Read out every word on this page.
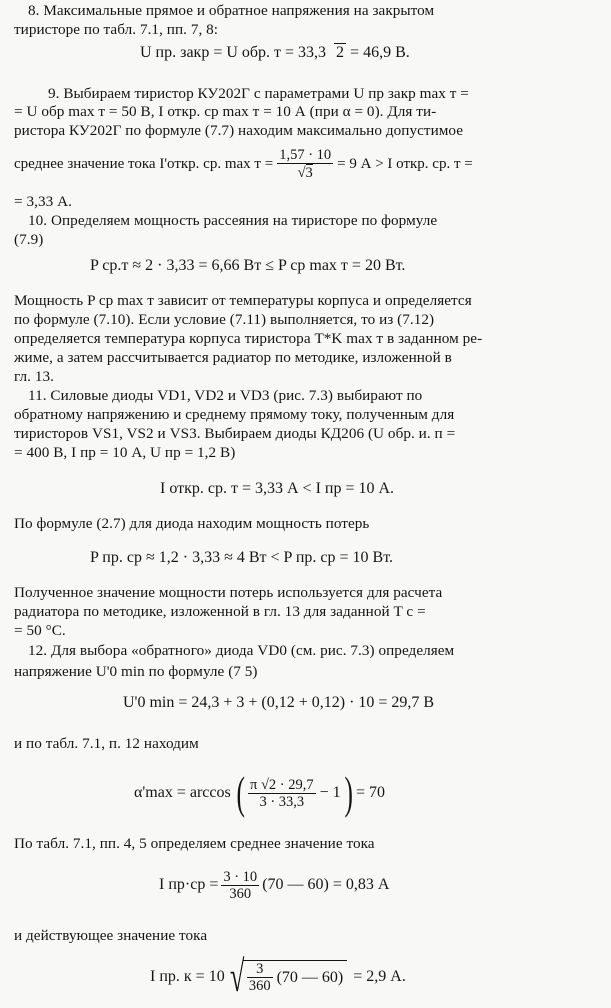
8. Максимальные прямое и обратное напряжения на закрытом
тиристоре по табл. 7.1, пп. 7, 8:
U пр. закр = U обр. т = 33,3 2 = 46,9 В.
9. Выбираем тиристор КУ202Г с параметрами U пр закр max т =
= U обр max т = 50 В, I откр. ср max т = 10 А (при α = 0). Для ти-
ристора КУ202Г по формуле (7.7) находим максимально допустимое
среднее значение тока I'откр. ср. $\max т = \frac{1,57 \cdot 10}{√3} = 9$ А > I откр. ср. т =
= 3,33 А.
10. Определяем мощность рассеяния на тиристоре по формуле
(7.9)
P ср.т ≈ 2 · 3,33 = 6,66 Вт ≤ P ср max т = 20 Вт.
Мощность P ср max т зависит от температуры корпуса и определяется
по формуле (7.10). Если условие (7.11) выполняется, то из (7.12)
определяется температура корпуса тиристора T*K max т в заданном ре-
жиме, а затем рассчитывается радиатор по методике, изложенной в
гл. 13.
11. Силовые диоды VD1, VD2 и VD3 (рис. 7.3) выбирают по
обратному напряжению и среднему прямому току, полученным для
тиристоров VS1, VS2 и VS3. Выбираем диоды КД206 (U обр. и. п =
= 400 В, I пр = 10 А, U пр = 1,2 В)
I откр. ср. т = 3,33 А < I пр = 10 А.
По формуле (2.7) для диода находим мощность потерь
P пр. ср ≈ 1,2 · 3,33 ≈ 4 Вт < P пр. ср = 10 Вт.
Полученное значение мощности потерь используется для расчета
радиатора по методике, изложенной в гл. 13 для заданной T с =
= 50 °С.
12. Для выбора «обратного» диода VD0 (см. рис. 7.3) определяем
напряжение U'0 min по формуле (7 5)
U'0 min = 24,3 + 3 + (0,12 + 0,12) · 10 = 29,7 В
и по табл. 7.1, п. 12 находим
α'max = arccos ( $\frac{\pi √2 \cdot 29,7}{3 \cdot 33,3} - 1$ ) = 70
По табл. 7.1, пп. 4, 5 определяем среднее значение тока
I $пр\cdot ср = \frac{3 \cdot 10}{360} (70$ — 60) = 0,83 А
и действующее значение тока
I пр. к = 10 √ $\frac{3}{360} (70$ — 60) = 2,9 А.
